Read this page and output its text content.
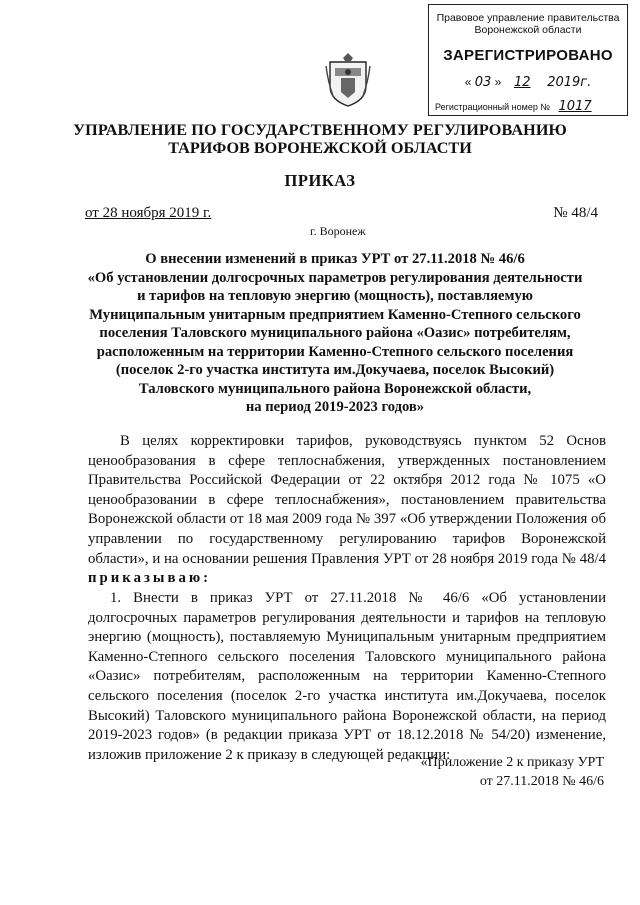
Правовое управление правительства
Воронежской области
ЗАРЕГИСТРИРОВАНО
« 03 »  12 2019г.
Регистрационный номер № 1017
УПРАВЛЕНИЕ ПО ГОСУДАРСТВЕННОМУ РЕГУЛИРОВАНИЮ
ТАРИФОВ ВОРОНЕЖСКОЙ ОБЛАСТИ
ПРИКАЗ
от 28 ноября 2019 г.	№ 48/4
г. Воронеж
О внесении изменений в приказ УРТ от 27.11.2018 № 46/6
«Об установлении долгосрочных параметров регулирования деятельности
и тарифов на тепловую энергию (мощность), поставляемую
Муниципальным унитарным предприятием Каменно-Степного сельского
поселения Таловского муниципального района «Оазис» потребителям,
расположенным на территории Каменно-Степного сельского поселения
(поселок 2-го участка института им.Докучаева, поселок Высокий)
Таловского муниципального района Воронежской области,
на период 2019-2023 годов»
В целях корректировки тарифов, руководствуясь пунктом 52 Основ ценообразования в сфере теплоснабжения, утвержденных постановлением Правительства Российской Федерации от 22 октября 2012 года № 1075 «О ценообразовании в сфере теплоснабжения», постановлением правительства Воронежской области от 18 мая 2009 года № 397 «Об утверждении Положения об управлении по государственному регулированию тарифов Воронежской области», и на основании решения Правления УРТ от 28 ноября 2019 года № 48/4 приказываю:
1. Внести в приказ УРТ от 27.11.2018 № 46/6 «Об установлении долгосрочных параметров регулирования деятельности и тарифов на тепловую энергию (мощность), поставляемую Муниципальным унитарным предприятием Каменно-Степного сельского поселения Таловского муниципального района «Оазис» потребителям, расположенным на территории Каменно-Степного сельского поселения (поселок 2-го участка института им.Докучаева, поселок Высокий) Таловского муниципального района Воронежской области, на период 2019-2023 годов» (в редакции приказа УРТ от 18.12.2018 № 54/20) изменение, изложив приложение 2 к приказу в следующей редакции:
«Приложение 2 к приказу УРТ
от 27.11.2018 № 46/6
